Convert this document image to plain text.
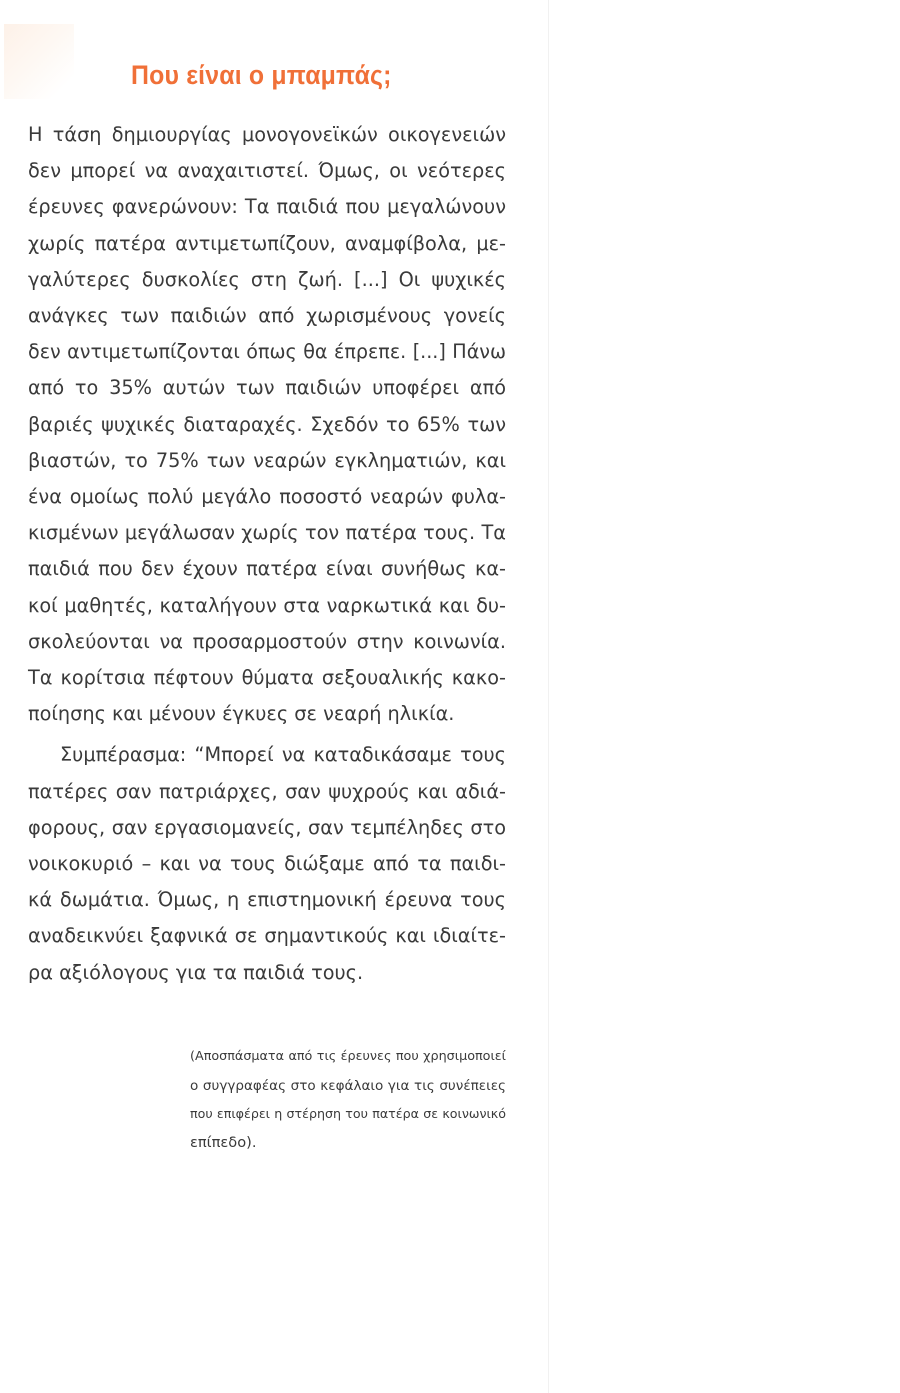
Που είναι ο μπαμπάς;

Η τάση δημιουργίας μονογονεϊκών οικογενειών
δεν μπορεί να αναχαιτιστεί. Όμως, οι νεότερες
έρευνες φανερώνουν: Τα παιδιά που μεγαλώνουν
χωρίς πατέρα αντιμετωπίζουν, αναμφίβολα, με-
γαλύτερες δυσκολίες στη ζωή. [...] Οι ψυχικές
ανάγκες των παιδιών από χωρισμένους γονείς
δεν αντιμετωπίζονται όπως θα έπρεπε. [...] Πάνω
από το 35% αυτών των παιδιών υποφέρει από
βαριές ψυχικές διαταραχές. Σχεδόν το 65% των
βιαστών, το 75% των νεαρών εγκληματιών, και
ένα ομοίως πολύ μεγάλο ποσοστό νεαρών φυλα-
κισμένων μεγάλωσαν χωρίς τον πατέρα τους. Τα
παιδιά που δεν έχουν πατέρα είναι συνήθως κα-
κοί μαθητές, καταλήγουν στα ναρκωτικά και δυ-
σκολεύονται να προσαρμοστούν στην κοινωνία.
Τα κορίτσια πέφτουν θύματα σεξουαλικής κακο-
ποίησης και μένουν έγκυες σε νεαρή ηλικία.

Συμπέρασμα: “Μπορεί να καταδικάσαμε τους
πατέρες σαν πατριάρχες, σαν ψυχρούς και αδιά-
φορους, σαν εργασιομανείς, σαν τεμπέληδες στο
νοικοκυριό – και να τους διώξαμε από τα παιδι-
κά δωμάτια. Όμως, η επιστημονική έρευνα τους
αναδεικνύει ξαφνικά σε σημαντικούς και ιδιαίτε-
ρα αξιόλογους για τα παιδιά τους.

(Αποσπάσματα από τις έρευνες που χρησιμοποιεί
ο συγγραφέας στο κεφάλαιο για τις συνέπειες
που επιφέρει η στέρηση του πατέρα σε κοινωνικό
επίπεδο).
